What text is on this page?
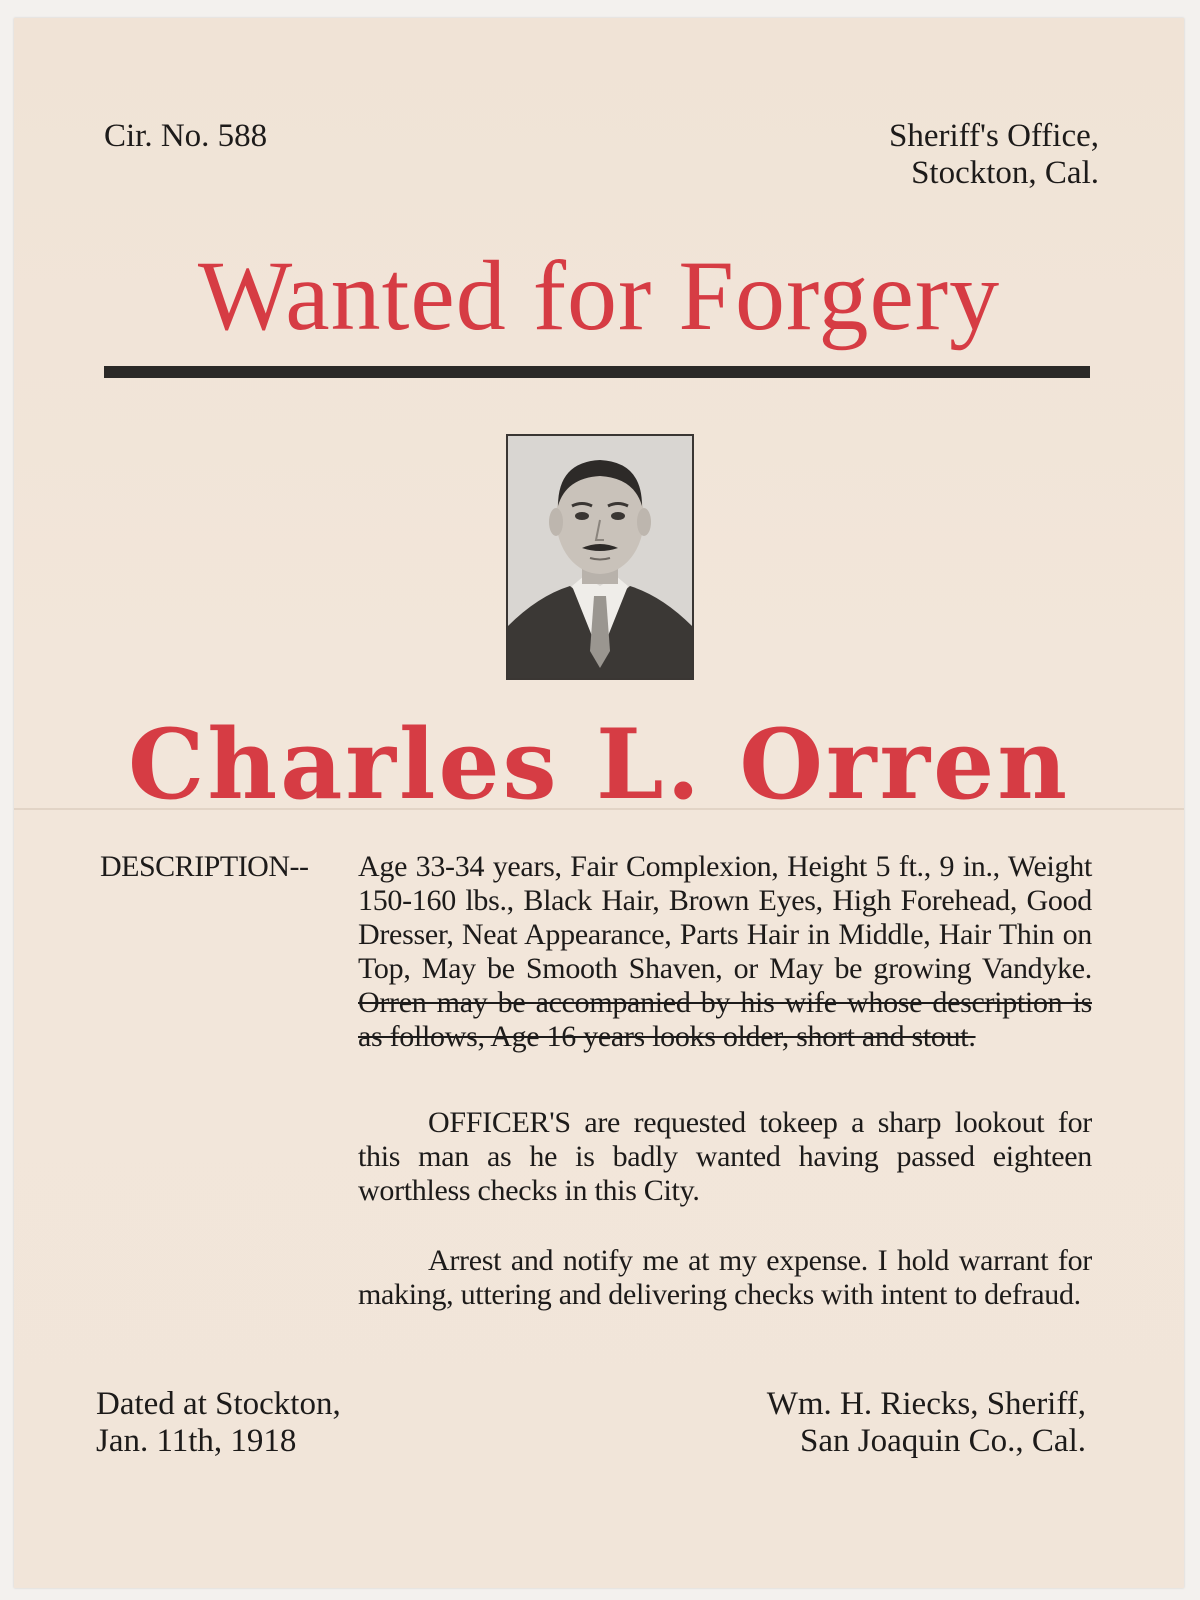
Cir. No. 588	Sheriff's Office,
Stockton, Cal.
Wanted for Forgery
Charles L. Orren
DESCRIPTION-- Age 33-34 years, Fair Complexion, Height 5 ft., 9 in., Weight 150-160 lbs., Black Hair, Brown Eyes, High Forehead, Good Dresser, Neat Appearance, Parts Hair in Middle, Hair Thin on Top, May be Smooth Shaven, or May be growing Vandyke. Orren may be accompanied by his wife whose description is as follows, Age 16 years looks older, short and stout.
OFFICER'S are requested tokeep a sharp lookout for this man as he is badly wanted having passed eighteen worthless checks in this City.
Arrest and notify me at my expense. I hold warrant for making, uttering and delivering checks with intent to defraud.
Dated at Stockton,
Jan. 11th, 1918
Wm. H. Riecks, Sheriff,
San Joaquin Co., Cal.
